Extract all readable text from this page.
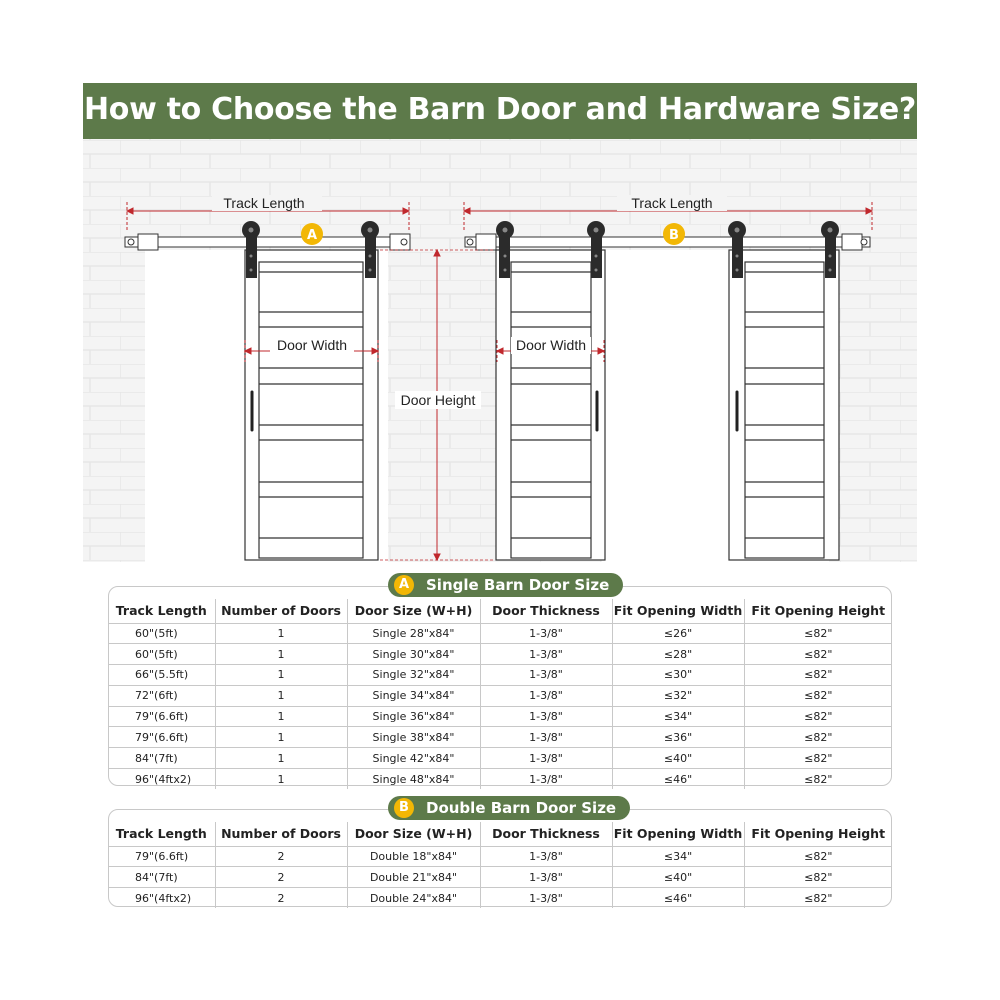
How to Choose the Barn Door and Hardware Size?
Track Length	Track Length
A	B
Door Width	Door Width
Door Height
A	Single Barn Door Size
Track Length	Number of Doors	Door Size (W+H)	Door Thickness	Fit Opening Width	Fit Opening Height
60"(5ft)	1	Single 28"x84"	1-3/8"	≤26"	≤82"
60"(5ft)	1	Single 30"x84"	1-3/8"	≤28"	≤82"
66"(5.5ft)	1	Single 32"x84"	1-3/8"	≤30"	≤82"
72"(6ft)	1	Single 34"x84"	1-3/8"	≤32"	≤82"
79"(6.6ft)	1	Single 36"x84"	1-3/8"	≤34"	≤82"
79"(6.6ft)	1	Single 38"x84"	1-3/8"	≤36"	≤82"
84"(7ft)	1	Single 42"x84"	1-3/8"	≤40"	≤82"
96"(4ftx2)	1	Single 48"x84"	1-3/8"	≤46"	≤82"
B	Double Barn Door Size
Track Length	Number of Doors	Door Size (W+H)	Door Thickness	Fit Opening Width	Fit Opening Height
79"(6.6ft)	2	Double 18"x84"	1-3/8"	≤34"	≤82"
84"(7ft)	2	Double 21"x84"	1-3/8"	≤40"	≤82"
96"(4ftx2)	2	Double 24"x84"	1-3/8"	≤46"	≤82"
